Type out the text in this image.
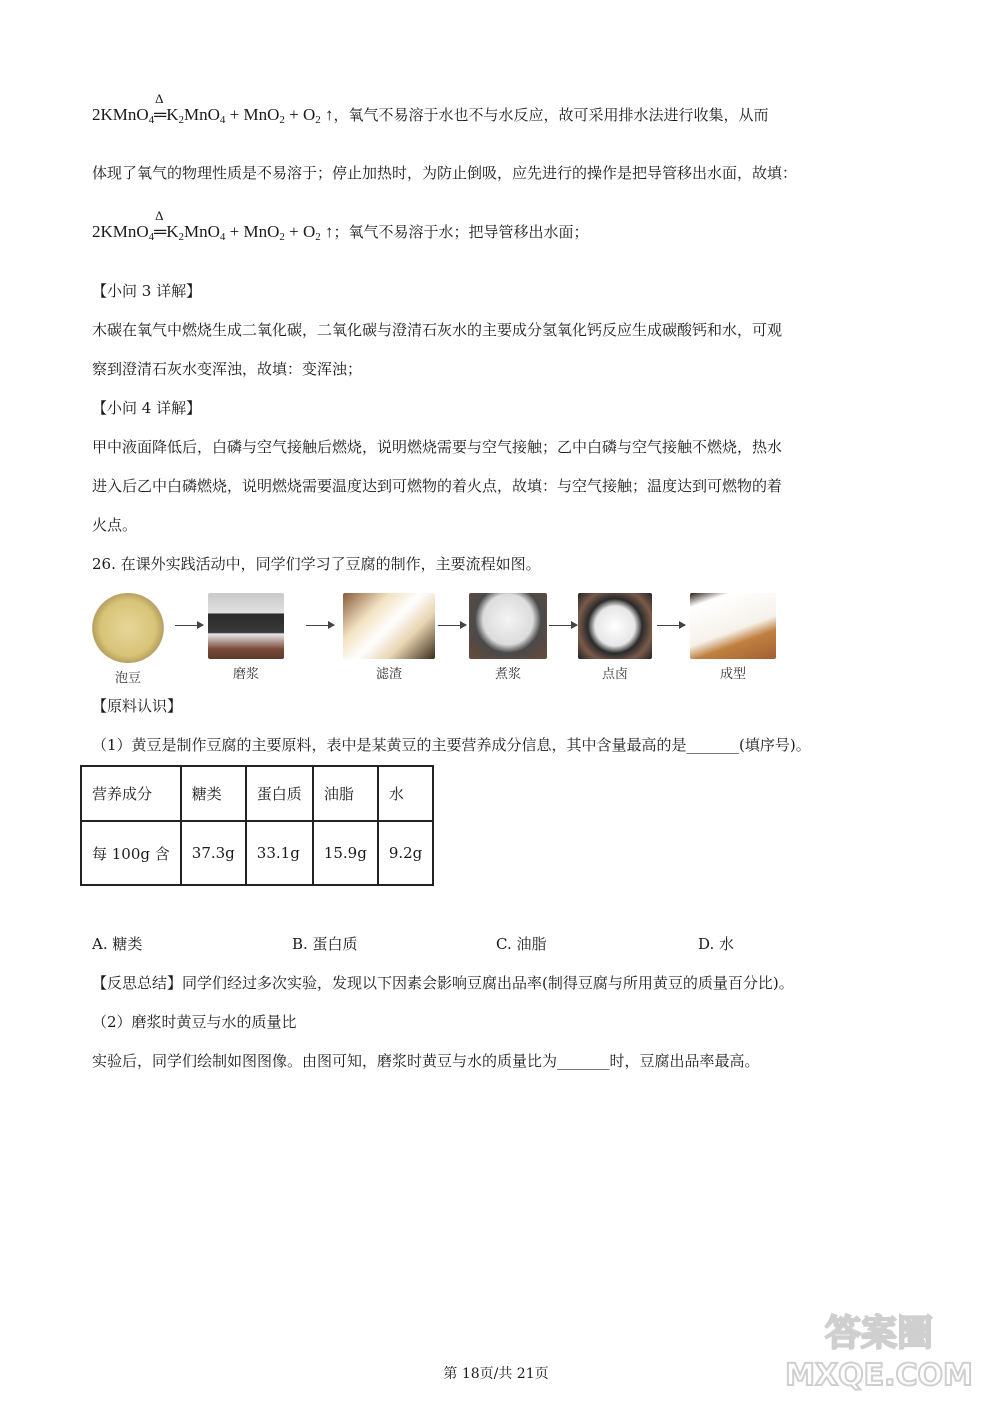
2KMnO$_4$
Δ
$═K_2MnO_4 + MnO_2 + O_2$ ↑，氧气不易溶于水也不与水反应，故可采用排水法进行收集，从而
体现了氧气的物理性质是不易溶于；停止加热时，为防止倒吸，应先进行的操作是把导管移出水面，故填：
2KMnO$_4$
Δ
$═K_2MnO_4 + MnO_2 + O_2$ ↑；氧气不易溶于水；把导管移出水面；
【小问 3 详解】
木碳在氧气中燃烧生成二氧化碳，二氧化碳与澄清石灰水的主要成分氢氧化钙反应生成碳酸钙和水，可观
察到澄清石灰水变浑浊，故填：变浑浊；
【小问 4 详解】
甲中液面降低后，白磷与空气接触后燃烧，说明燃烧需要与空气接触；乙中白磷与空气接触不燃烧，热水
进入后乙中白磷燃烧，说明燃烧需要温度达到可燃物的着火点，故填：与空气接触；温度达到可燃物的着
火点。
26. 在课外实践活动中，同学们学习了豆腐的制作，主要流程如图。
泡豆	磨浆	滤渣	煮浆	点卤	成型
【原料认识】
（1）黄豆是制作豆腐的主要原料，表中是某黄豆的主要营养成分信息，其中含量最高的是_______(填序号)。
营养成分	糖类	蛋白质	油脂	水
每 100g 含	37.3g	33.1g	15.9g	9.2g
A. 糖类	B. 蛋白质	C. 油脂	D. 水
【反思总结】同学们经过多次实验，发现以下因素会影响豆腐出品率(制得豆腐与所用黄豆的质量百分比)。
（2）磨浆时黄豆与水的质量比
实验后，同学们绘制如图图像。由图可知，磨浆时黄豆与水的质量比为_______时，豆腐出品率最高。
答案圈
MXQE.COM
第 18页/共 21页
